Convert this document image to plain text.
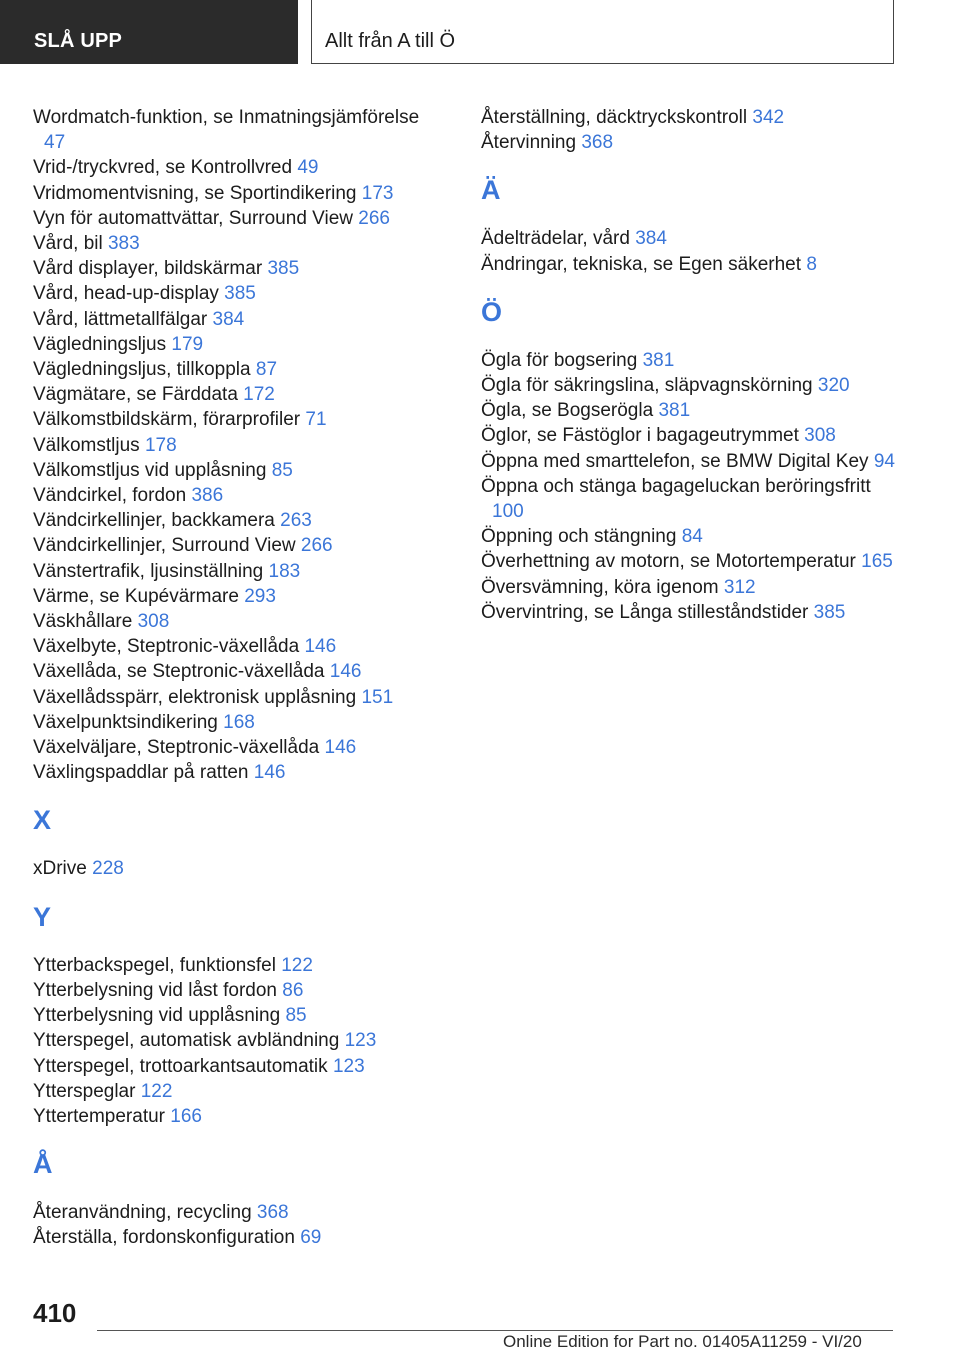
SLÅ UPP	Allt från A till Ö
Wordmatch-funktion, se Inmatningsjämförelse 47
Vrid-/tryckvred, se Kontrollvred 49
Vridmomentvisning, se Sportindikering 173
Vyn för automattvättar, Surround View 266
Vård, bil 383
Vård displayer, bildskärmar 385
Vård, head-up-display 385
Vård, lättmetallfälgar 384
Vägledningsljus 179
Vägledningsljus, tillkoppla 87
Vägmätare, se Färddata 172
Välkomstbildskärm, förarprofiler 71
Välkomstljus 178
Välkomstljus vid upplåsning 85
Vändcirkel, fordon 386
Vändcirkellinjer, backkamera 263
Vändcirkellinjer, Surround View 266
Vänstertrafik, ljusinställning 183
Värme, se Kupévärmare 293
Väskhållare 308
Växelbyte, Steptronic-växellåda 146
Växellåda, se Steptronic-växellåda 146
Växellådsspärr, elektronisk upplåsning 151
Växelpunktsindikering 168
Växelväljare, Steptronic-växellåda 146
Växlingspaddlar på ratten 146
X
xDrive 228
Y
Ytterbackspegel, funktionsfel 122
Ytterbelysning vid låst fordon 86
Ytterbelysning vid upplåsning 85
Ytterspegel, automatisk avbländning 123
Ytterspegel, trottoarkantsautomatik 123
Ytterspeglar 122
Yttertemperatur 166
Å
Återanvändning, recycling 368
Återställa, fordonskonfiguration 69
Återställning, däcktryckskontroll 342
Återvinning 368
Ä
Ädelträdelar, vård 384
Ändringar, tekniska, se Egen säkerhet 8
Ö
Ögla för bogsering 381
Ögla för säkringslina, släpvagnskörning 320
Ögla, se Bogserögla 381
Öglor, se Fästöglor i bagageutrymmet 308
Öppna med smarttelefon, se BMW Digital Key 94
Öppna och stänga bagageluckan beröringsfritt 100
Öppning och stängning 84
Överhettning av motorn, se Motortemperatur 165
Översvämning, köra igenom 312
Övervintring, se Långa stilleståndstider 385
410
Online Edition for Part no. 01405A11259 - VI/20
